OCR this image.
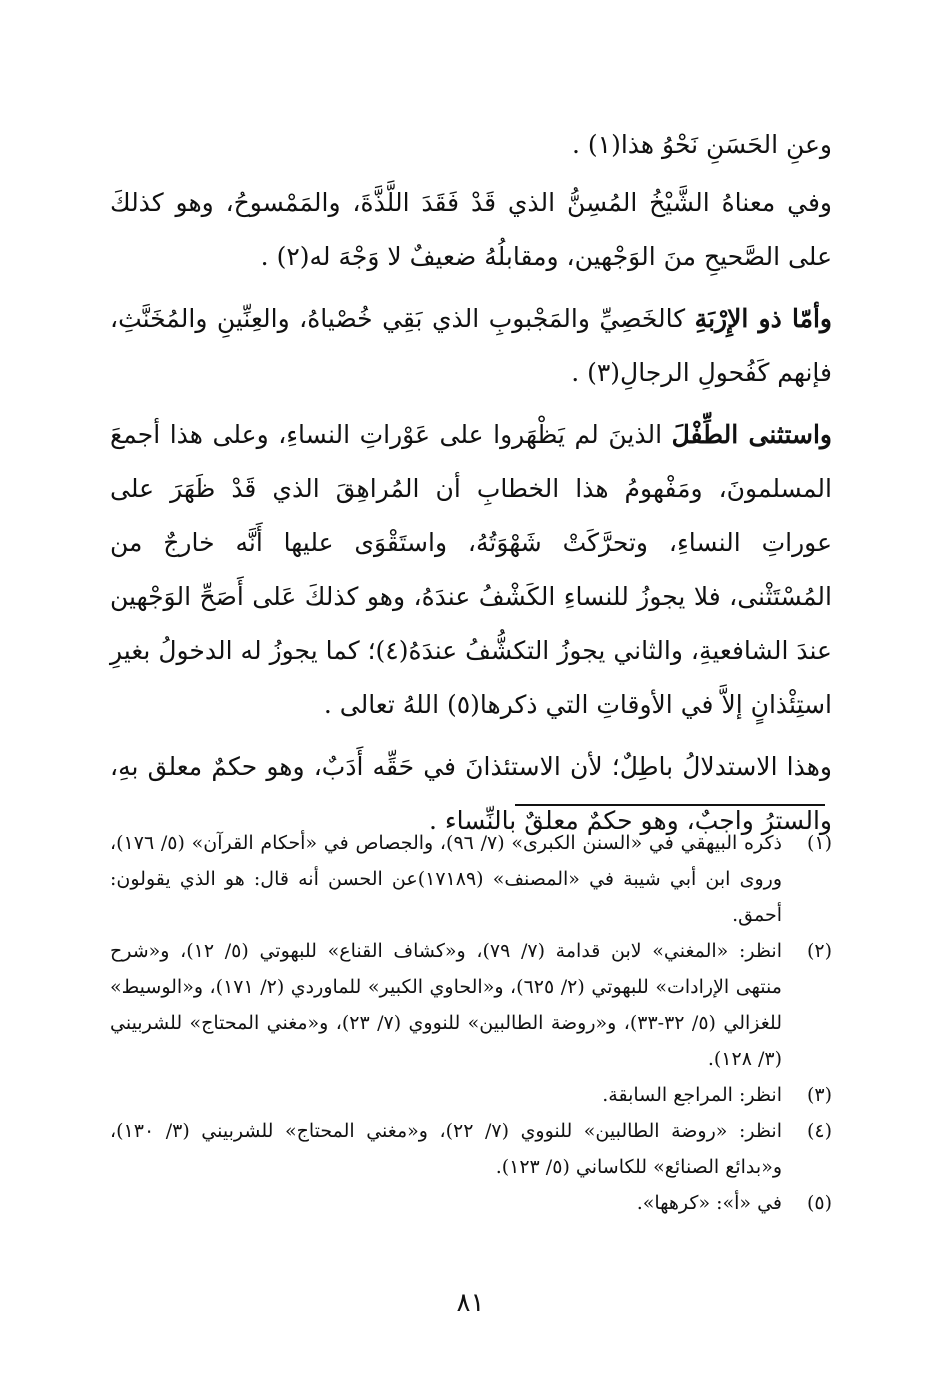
وعنِ الحَسَنِ نَحْوُ هذا(١) .

وفي معناهُ الشَّيْخُ المُسِنُّ الذي قَدْ فَقَدَ اللَّذَّةَ، والمَمْسوحُ، وهو كذلكَ على الصَّحيحِ منَ الوَجْهين، ومقابلُهُ ضعيفٌ لا وَجْهَ له(٢) .

وأمّا ذو الإِرْبَةِ كالخَصِيِّ والمَجْبوبِ الذي بَقِي خُصْياهُ، والعِنِّينِ والمُخَنَّثِ، فإنهم كَفُحولِ الرجالِ(٣) .

واستثنى الطِّفْلَ الذينَ لم يَظْهَروا على عَوْراتِ النساءِ، وعلى هذا أجمعَ المسلمونَ، ومَفْهومُ هذا الخطابِ أن المُراهِقَ الذي قَدْ ظَهَرَ على عوراتِ النساءِ، وتحرَّكَتْ شَهْوَتُهُ، واستَقْوَى عليها أَنَّه خارجٌ من المُسْتَثْنى، فلا يجوزُ للنساءِ الكَشْفُ عندَهُ، وهو كذلكَ عَلى أَصَحِّ الوَجْهين عندَ الشافعيةِ، والثاني يجوزُ التكشُّفُ عندَهُ(٤)؛ كما يجوزُ له الدخولُ بغيرِ استِئْذانٍ إلاَّ في الأوقاتِ التي ذكرها(٥) اللهُ تعالى .

وهذا الاستدلالُ باطِلٌ؛ لأن الاستئذانَ في حَقِّه أَدَبٌ، وهو حكمٌ معلق بهِ، والسترُ واجبٌ، وهو حكمٌ معلقٌ بالنِّساء .

(١)
ذكره البيهقي في «السنن الكبرى» (٧/ ٩٦)، والجصاص في «أحكام القرآن» (٥/ ١٧٦)، وروى ابن أبي شيبة في «المصنف» (١٧١٨٩)عن الحسن أنه قال: هو الذي يقولون: أحمق.
(٢)
انظر: «المغني» لابن قدامة (٧/ ٧٩)، و«كشاف القناع» للبهوتي (٥/ ١٢)، و«شرح منتهى الإرادات» للبهوتي (٢/ ٦٢٥)، و«الحاوي الكبير» للماوردي (٢/ ١٧١)، و«الوسيط» للغزالي (٥/ ٣٢-٣٣)، و«روضة الطالبين» للنووي (٧/ ٢٣)، و«مغني المحتاج» للشربيني (٣/ ١٢٨).
(٣)
انظر: المراجع السابقة.
(٤)
انظر: «روضة الطالبين» للنووي (٧/ ٢٢)، و«مغني المحتاج» للشربيني (٣/ ١٣٠)، و«بدائع الصنائع» للكاساني (٥/ ١٢٣).
(٥)
في «أ»: «كرهها».
٨١
